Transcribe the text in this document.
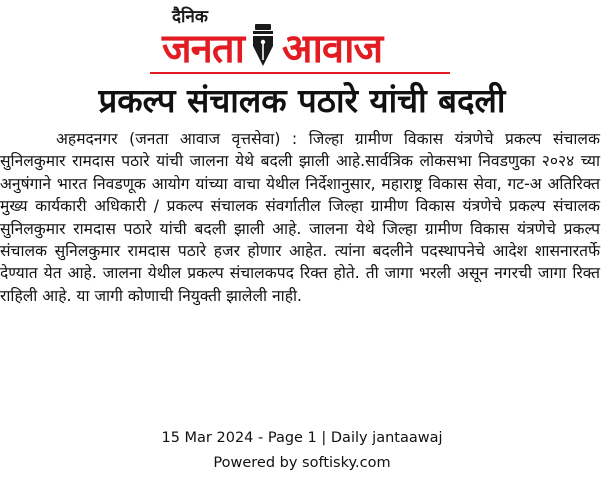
दैनिक
जनता आवाज
प्रकल्प संचालक पठारे यांची बदली

अहमदनगर (जनता आवाज वृत्तसेवा) : जिल्हा ग्रामीण विकास यंत्रणेचे प्रकल्प संचालक सुनिलकुमार रामदास पठारे यांची जालना येथे बदली झाली आहे.सार्वत्रिक लोकसभा निवडणुका २०२४ च्या अनुषंगाने भारत निवडणूक आयोग यांच्या वाचा येथील निर्देशानुसार, महाराष्ट्र विकास सेवा, गट-अ अतिरिक्त मुख्य कार्यकारी अधिकारी / प्रकल्प संचालक संवर्गातील जिल्हा ग्रामीण विकास यंत्रणेचे प्रकल्प संचालक सुनिलकुमार रामदास पठारे यांची बदली झाली आहे. जालना येथे जिल्हा ग्रामीण विकास यंत्रणेचे प्रकल्प संचालक सुनिलकुमार रामदास पठारे हजर होणार आहेत. त्यांना बदलीने पदस्थापनेचे आदेश शासनारतर्फे देण्यात येत आहे. जालना येथील प्रकल्प संचालकपद रिक्त होते. ती जागा भरली असून नगरची जागा रिक्त राहिली आहे. या जागी कोणाची नियुक्ती झालेली नाही.

15 Mar 2024 - Page 1 | Daily jantaawaj
Powered by softisky.com
